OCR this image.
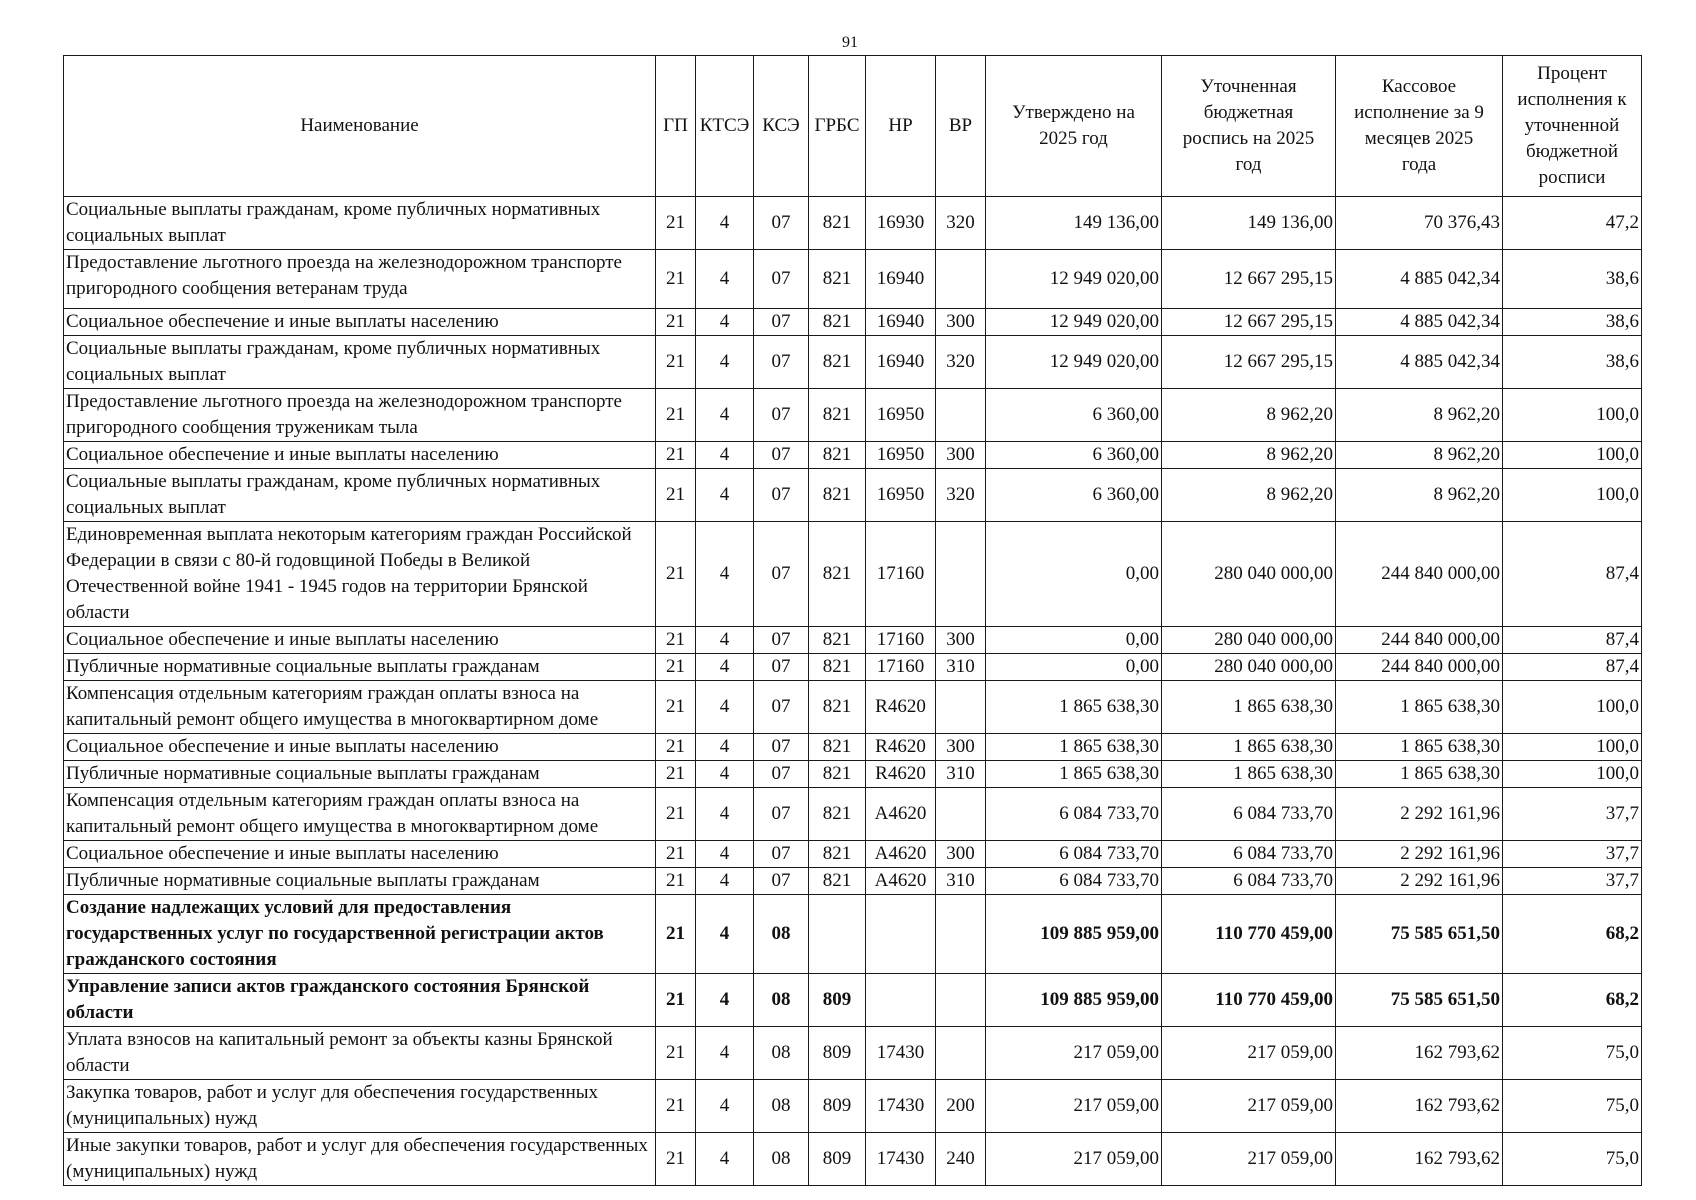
91
Наименование	ГП	КТСЭ	КСЭ	ГРБС	НР	ВР	Утверждено на 2025 год	Уточненная бюджетная роспись на 2025 год	Кассовое исполнение за 9 месяцев 2025 года	Процент исполнения к уточненной бюджетной росписи
Социальные выплаты гражданам, кроме публичных нормативных социальных выплат	21	4	07	821	16930	320	149 136,00	149 136,00	70 376,43	47,2
Предоставление льготного проезда на железнодорожном транспорте пригородного сообщения ветеранам труда	21	4	07	821	16940		12 949 020,00	12 667 295,15	4 885 042,34	38,6
Социальное обеспечение и иные выплаты населению	21	4	07	821	16940	300	12 949 020,00	12 667 295,15	4 885 042,34	38,6
Социальные выплаты гражданам, кроме публичных нормативных социальных выплат	21	4	07	821	16940	320	12 949 020,00	12 667 295,15	4 885 042,34	38,6
Предоставление льготного проезда на железнодорожном транспорте пригородного сообщения труженикам тыла	21	4	07	821	16950		6 360,00	8 962,20	8 962,20	100,0
Социальное обеспечение и иные выплаты населению	21	4	07	821	16950	300	6 360,00	8 962,20	8 962,20	100,0
Социальные выплаты гражданам, кроме публичных нормативных социальных выплат	21	4	07	821	16950	320	6 360,00	8 962,20	8 962,20	100,0
Единовременная выплата некоторым категориям граждан Российской Федерации в связи с 80-й годовщиной Победы в Великой Отечественной войне 1941 - 1945 годов на территории Брянской области	21	4	07	821	17160		0,00	280 040 000,00	244 840 000,00	87,4
Социальное обеспечение и иные выплаты населению	21	4	07	821	17160	300	0,00	280 040 000,00	244 840 000,00	87,4
Публичные нормативные социальные выплаты гражданам	21	4	07	821	17160	310	0,00	280 040 000,00	244 840 000,00	87,4
Компенсация отдельным категориям граждан оплаты взноса на капитальный ремонт общего имущества в многоквартирном доме	21	4	07	821	R4620		1 865 638,30	1 865 638,30	1 865 638,30	100,0
Социальное обеспечение и иные выплаты населению	21	4	07	821	R4620	300	1 865 638,30	1 865 638,30	1 865 638,30	100,0
Публичные нормативные социальные выплаты гражданам	21	4	07	821	R4620	310	1 865 638,30	1 865 638,30	1 865 638,30	100,0
Компенсация отдельным категориям граждан оплаты взноса на капитальный ремонт общего имущества в многоквартирном доме	21	4	07	821	А4620		6 084 733,70	6 084 733,70	2 292 161,96	37,7
Социальное обеспечение и иные выплаты населению	21	4	07	821	А4620	300	6 084 733,70	6 084 733,70	2 292 161,96	37,7
Публичные нормативные социальные выплаты гражданам	21	4	07	821	А4620	310	6 084 733,70	6 084 733,70	2 292 161,96	37,7
Создание надлежащих условий для предоставления государственных услуг по государственной регистрации актов гражданского состояния	21	4	08				109 885 959,00	110 770 459,00	75 585 651,50	68,2
Управление записи актов гражданского состояния Брянской области	21	4	08	809			109 885 959,00	110 770 459,00	75 585 651,50	68,2
Уплата взносов на капитальный ремонт за объекты казны Брянской области	21	4	08	809	17430		217 059,00	217 059,00	162 793,62	75,0
Закупка товаров, работ и услуг для обеспечения государственных (муниципальных) нужд	21	4	08	809	17430	200	217 059,00	217 059,00	162 793,62	75,0
Иные закупки товаров, работ и услуг для обеспечения государственных (муниципальных) нужд	21	4	08	809	17430	240	217 059,00	217 059,00	162 793,62	75,0
